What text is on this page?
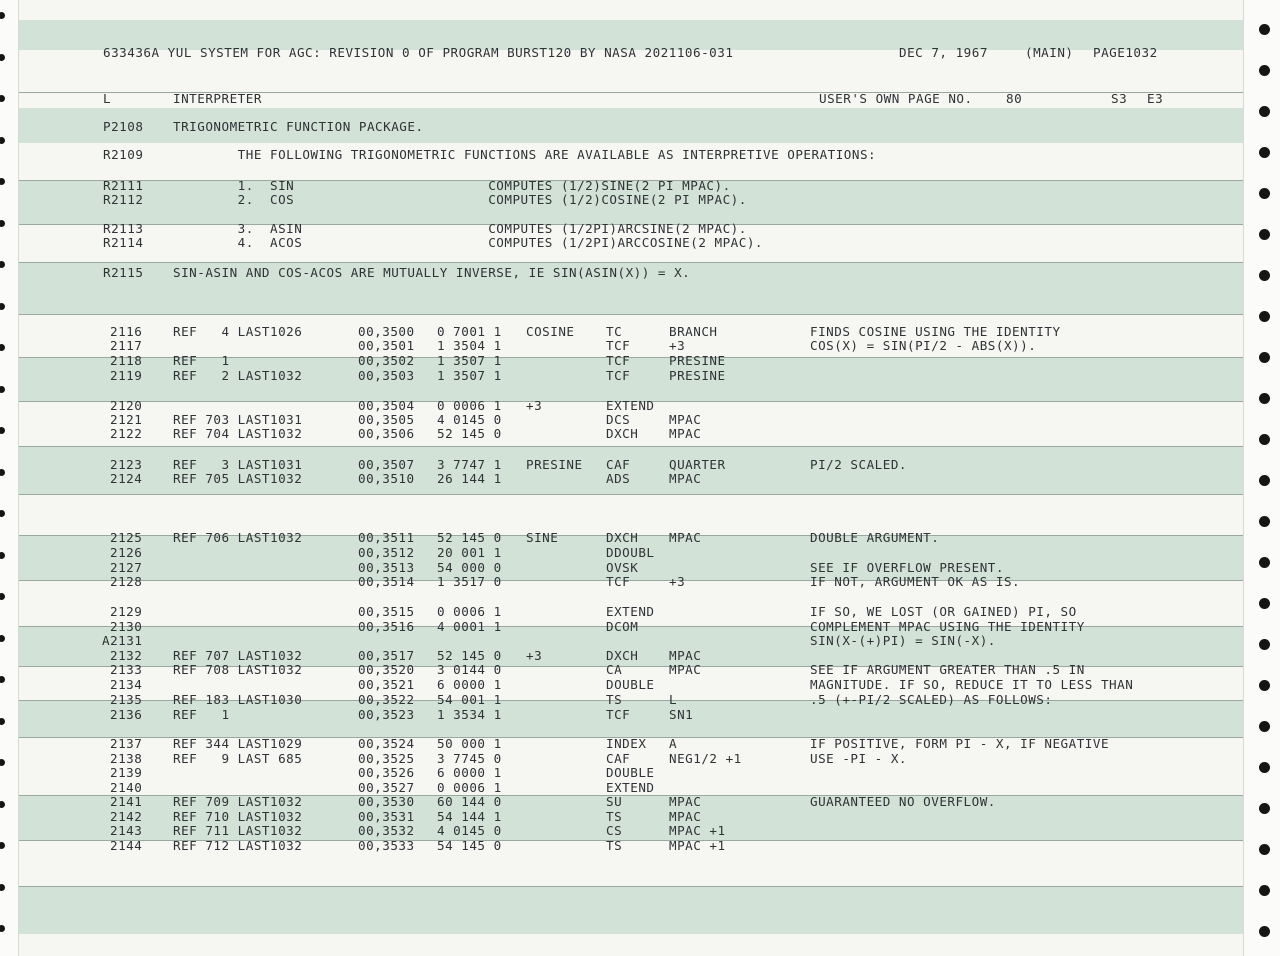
633436A YUL SYSTEM FOR AGC: REVISION 0 OF PROGRAM BURST120 BY NASA 2021106-031	DEC 7, 1967	(MAIN) PAGE1032
L	INTERPRETER	USER'S OWN PAGE NO.	80	S3 E3
P2108 TRIGONOMETRIC FUNCTION PACKAGE.
R2109 THE FOLLOWING TRIGONOMETRIC FUNCTIONS ARE AVAILABLE AS INTERPRETIVE OPERATIONS:
R2111 1.  SIN                        COMPUTES (1/2)SINE(2 PI MPAC).
R2112 2.  COS                        COMPUTES (1/2)COSINE(2 PI MPAC).
R2113 3.  ASIN                       COMPUTES (1/2PI)ARCSINE(2 MPAC).
R2114 4.  ACOS                       COMPUTES (1/2PI)ARCCOSINE(2 MPAC).
R2115 SIN-ASIN AND COS-ACOS ARE MUTUALLY INVERSE, IE SIN(ASIN(X)) = X.
2116 REF   4 LAST1026	00,3500 0 7001 1 COSINE	TC	BRANCH	FINDS COSINE USING THE IDENTITY
2117	00,3501 1 3504 1	TCF	+3	COS(X) = SIN(PI/2 - ABS(X)).
2118 REF   1	00,3502 1 3507 1	TCF	PRESINE
2119 REF   2 LAST1032	00,3503 1 3507 1	TCF	PRESINE
2120	00,3504 0 0006 1 +3	EXTEND
2121 REF 703 LAST1031	00,3505 4 0145 0	DCS	MPAC
2122 REF 704 LAST1032	00,3506 52 145 0	DXCH MPAC
2123 REF   3 LAST1031	00,3507 3 7747 1 PRESINE CAF	QUARTER	PI/2 SCALED.
2124 REF 705 LAST1032	00,3510 26 144 1	ADS	MPAC
2125 REF 706 LAST1032	00,3511 52 145 0 SINE	DXCH MPAC	DOUBLE ARGUMENT.
2126	00,3512 20 001 1	DDOUBL
2127	00,3513 54 000 0	OVSK	SEE IF OVERFLOW PRESENT.
2128	00,3514 1 3517 0	TCF	+3	IF NOT, ARGUMENT OK AS IS.
2129	00,3515 0 0006 1	EXTEND	IF SO, WE LOST (OR GAINED) PI, SO
2130	00,3516 4 0001 1	DCOM	COMPLEMENT MPAC USING THE IDENTITY
A2131	SIN(X-(+)PI) = SIN(-X).
2132 REF 707 LAST1032	00,3517 52 145 0 +3	DXCH MPAC
2133 REF 708 LAST1032	00,3520 3 0144 0	CA	MPAC	SEE IF ARGUMENT GREATER THAN .5 IN
2134	00,3521 6 0000 1	DOUBLE	MAGNITUDE. IF SO, REDUCE IT TO LESS THAN
2135 REF 183 LAST1030	00,3522 54 001 1	TS	L	.5 (+-PI/2 SCALED) AS FOLLOWS:
2136 REF   1	00,3523 1 3534 1	TCF	SN1
2137 REF 344 LAST1029	00,3524 50 000 1	INDEX A	IF POSITIVE, FORM PI - X, IF NEGATIVE
2138 REF   9 LAST 685	00,3525 3 7745 0	CAF	NEG1/2 +1	USE -PI - X.
2139	00,3526 6 0000 1	DOUBLE
2140	00,3527 0 0006 1	EXTEND
2141 REF 709 LAST1032	00,3530 60 144 0	SU	MPAC	GUARANTEED NO OVERFLOW.
2142 REF 710 LAST1032	00,3531 54 144 1	TS	MPAC
2143 REF 711 LAST1032	00,3532 4 0145 0	CS	MPAC +1
2144 REF 712 LAST1032	00,3533 54 145 0	TS	MPAC +1
